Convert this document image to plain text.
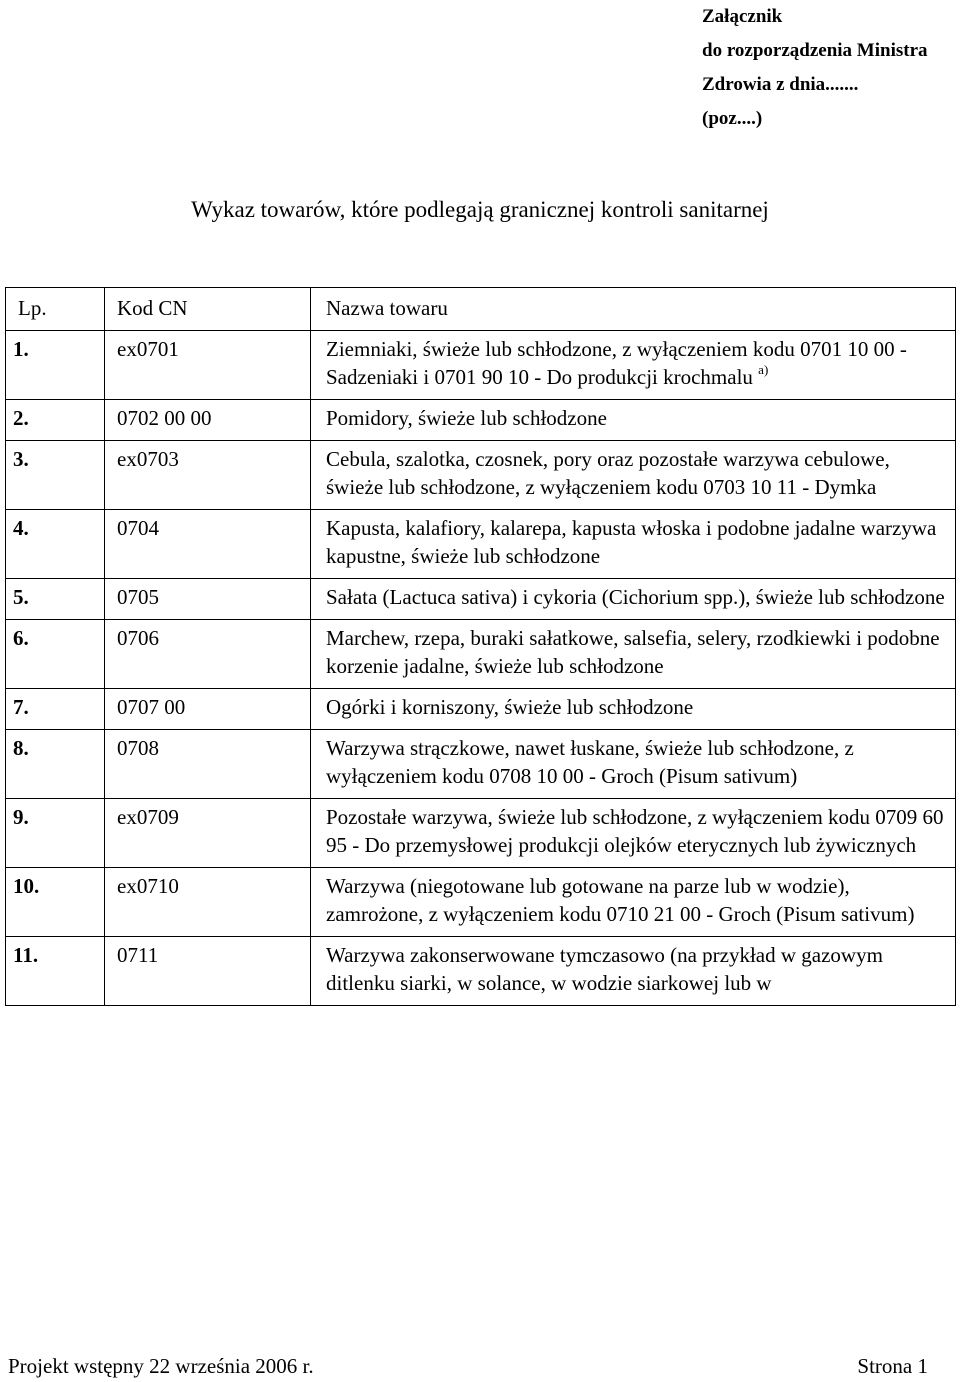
Załącznik
do rozporządzenia Ministra
Zdrowia z dnia.......
(poz....)
Wykaz towarów, które podlegają granicznej kontroli sanitarnej
Lp.	Kod CN	Nazwa towaru
1.	ex0701	Ziemniaki, świeże lub schłodzone, z wyłączeniem kodu 0701 10 00 - Sadzeniaki i 0701 90 10 - Do produkcji krochmalu $^{a)}$
2.	0702 00 00	Pomidory, świeże lub schłodzone
3.	ex0703	Cebula, szalotka, czosnek, pory oraz pozostałe warzywa cebulowe, świeże lub schłodzone, z wyłączeniem kodu 0703 10 11 - Dymka
4.	0704	Kapusta, kalafiory, kalarepa, kapusta włoska i podobne jadalne warzywa kapustne, świeże lub schłodzone
5.	0705	Sałata (Lactuca sativa) i cykoria (Cichorium spp.), świeże lub schłodzone
6.	0706	Marchew, rzepa, buraki sałatkowe, salsefia, selery, rzodkiewki i podobne korzenie jadalne, świeże lub schłodzone
7.	0707 00	Ogórki i korniszony, świeże lub schłodzone
8.	0708	Warzywa strączkowe, nawet łuskane, świeże lub schłodzone, z wyłączeniem kodu 0708 10 00 - Groch (Pisum sativum)
9.	ex0709	Pozostałe warzywa, świeże lub schłodzone, z wyłączeniem kodu 0709 60 95 - Do przemysłowej produkcji olejków eterycznych lub żywicznych
10.	ex0710	Warzywa (niegotowane lub gotowane na parze lub w wodzie), zamrożone, z wyłączeniem kodu 0710 21 00 - Groch (Pisum sativum)
11.	0711	Warzywa zakonserwowane tymczasowo (na przykład w gazowym ditlenku siarki, w solance, w wodzie siarkowej lub w
Projekt wstępny 22 września 2006 r.	Strona 1
